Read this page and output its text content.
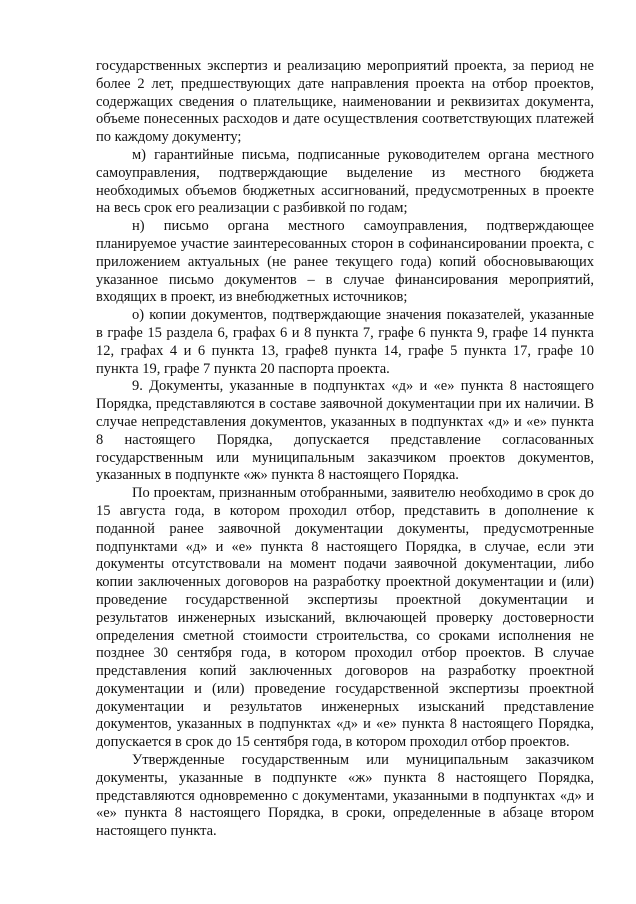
государственных экспертиз и реализацию мероприятий проекта, за период не более 2 лет, предшествующих дате направления проекта на отбор проектов, содержащих сведения о плательщике, наименовании и реквизитах документа, объеме понесенных расходов и дате осуществления соответствующих платежей по каждому документу;

м) гарантийные письма, подписанные руководителем органа местного самоуправления, подтверждающие выделение из местного бюджета необходимых объемов бюджетных ассигнований, предусмотренных в проекте на весь срок его реализации с разбивкой по годам;

н) письмо органа местного самоуправления, подтверждающее планируемое участие заинтересованных сторон в софинансировании проекта, с приложением актуальных (не ранее текущего года) копий обосновывающих указанное письмо документов – в случае финансирования мероприятий, входящих в проект, из внебюджетных источников;

о) копии документов, подтверждающие значения показателей, указанные в графе 15 раздела 6, графах 6 и 8 пункта 7, графе 6 пункта 9, графе 14 пункта 12, графах 4 и 6 пункта 13, графе8 пункта 14, графе 5 пункта 17, графе 10 пункта 19, графе 7 пункта 20 паспорта проекта.

9. Документы, указанные в подпунктах «д» и «е» пункта 8 настоящего Порядка, представляются в составе заявочной документации при их наличии. В случае непредставления документов, указанных в подпунктах «д» и «е» пункта 8 настоящего Порядка, допускается представление согласованных государственным или муниципальным заказчиком проектов документов, указанных в подпункте «ж» пункта 8 настоящего Порядка.

По проектам, признанным отобранными, заявителю необходимо в срок до 15 августа года, в котором проходил отбор, представить в дополнение к поданной ранее заявочной документации документы, предусмотренные подпунктами «д» и «е» пункта 8 настоящего Порядка, в случае, если эти документы отсутствовали на момент подачи заявочной документации, либо копии заключенных договоров на разработку проектной документации и (или) проведение государственной экспертизы проектной документации и результатов инженерных изысканий, включающей проверку достоверности определения сметной стоимости строительства, со сроками исполнения не позднее 30 сентября года, в котором проходил отбор проектов. В случае представления копий заключенных договоров на разработку проектной документации и (или) проведение государственной экспертизы проектной документации и результатов инженерных изысканий представление документов, указанных в подпунктах «д» и «е» пункта 8 настоящего Порядка, допускается в срок до 15 сентября года, в котором проходил отбор проектов.

Утвержденные государственным или муниципальным заказчиком документы, указанные в подпункте «ж» пункта 8 настоящего Порядка, представляются одновременно с документами, указанными в подпунктах «д» и «е» пункта 8 настоящего Порядка, в сроки, определенные в абзаце втором настоящего пункта.
